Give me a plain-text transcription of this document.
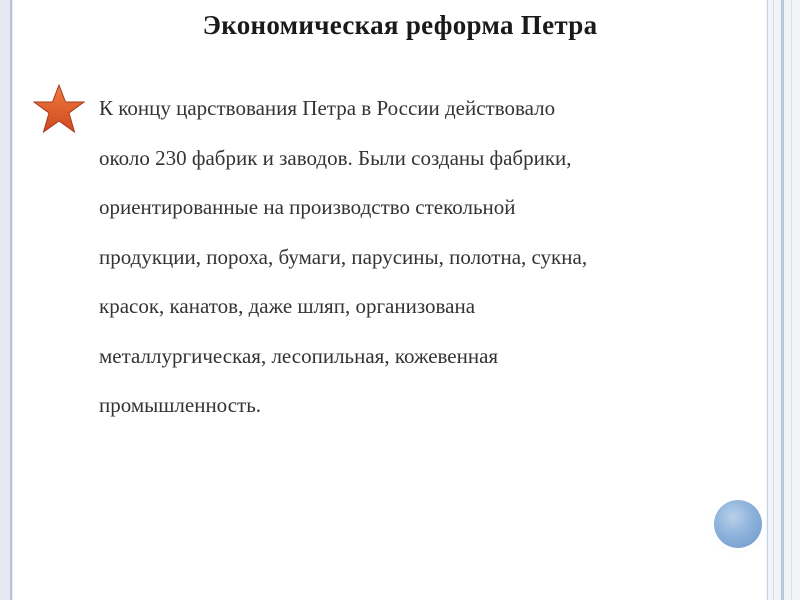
Экономическая реформа Петра

К концу царствования Петра в России действовало
около 230 фабрик и заводов. Были созданы фабрики,
ориентированные на производство стекольной
продукции, пороха, бумаги, парусины, полотна, сукна,
красок, канатов, даже шляп, организована
металлургическая, лесопильная, кожевенная
промышленность.
